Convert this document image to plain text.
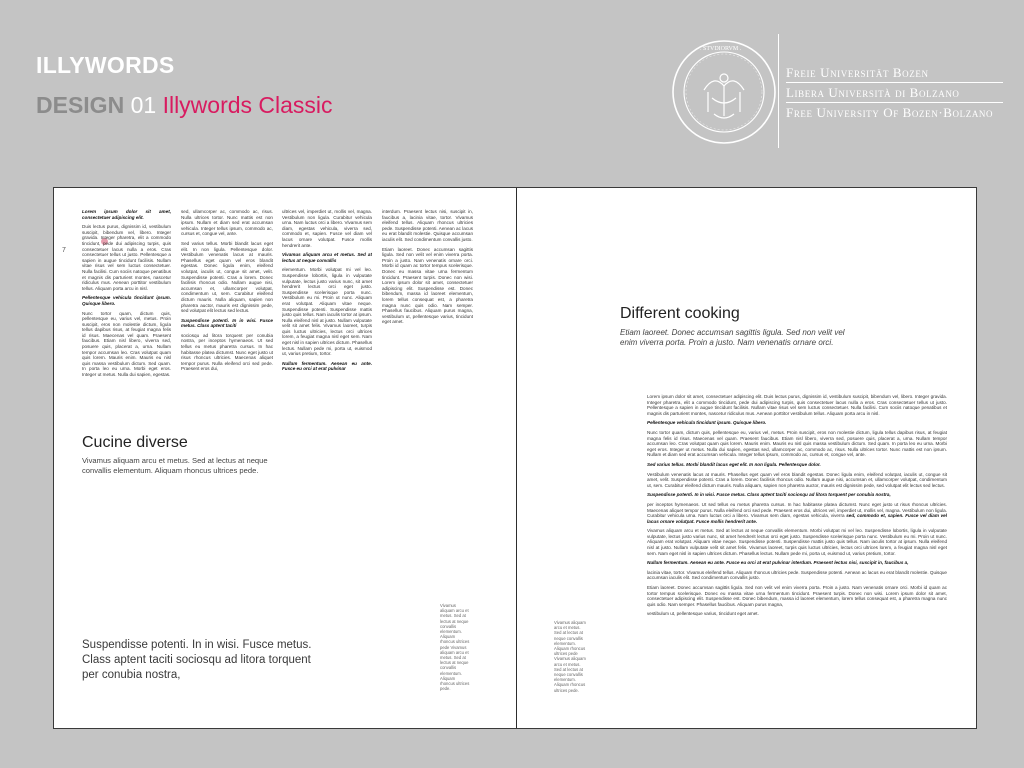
ILLYWORDS
DESIGN 01 Illywords Classic
. STVDIORVM .
Freie Universität Bozen
Libera Università di Bolzano
Free University Of Bozen·Bolzano
7

Lorem ipsum dolor sit amet, consectetuer adipiscing elit.

Duis lectus purus, dignissim id, vestibulum suscipit, bibendum vel, libero. Integer gravida. Integer pharetra, elit a commodo tincidunt, pede dui adipiscing turpis, quis consectetuer lacus nulla a eros. Cras consectetuer tellus ut justo. Pellentesque a sapien in augue tincidunt facilisis. Nullam vitae risus vel sem luctus consectetuer. Nulla facilisi. Cum sociis natoque penatibus et magnis dis parturient montes, nascetur ridiculus mus. Aenean porttitor vestibulum tellus. Aliquam porta arcu in nisl.

Pellentesque vehicula tincidunt ipsum. Quisque libero.

Nunc tortor quam, dictum quis, pellentesque eu, varius vel, metus. Proin suscipit, eros non molestie dictum, ligula tellus dapibus risus, at feugiat magna felis id risus. Maecenas vel quam. Praesent faucibus. Etiam nisl libero, viverra sed, posuere quis, placerat a, urna. Nullam tempor accumsan leo. Cras volutpat quam quis lorem. Mauris enim. Mauris eu nisl quis massa vestibulum dictum. Sed quam. In porta leo eu urna. Morbi eget eros. Integer ut metus. Nulla dui sapien, egestas.

sed, ullamcorper ac, commodo ac, risus. Nulla ultrices tortor. Nunc mattis est non ipsum. Nullam et diam sed erat accumsan vehicula. Integer tellus ipsum, commodo ac, cursus et, congue vel, ante.

Sed varius tellus. Morbi blandit lacus eget elit. In non ligula. Pellentesque dolor. Vestibulum venenatis lacus at mauris. Phasellus eget quam vel eros blandit egestas. Donec ligula enim, eleifend volutpat, iaculis ut, congue sit amet, velit. Suspendisse potenti. Cras a lorem. Donec facilisis rhoncus odio. Nullam augue nisi, accumsan et, ullamcorper volutpat, condimentum ut, sem. Curabitur eleifend dictum mauris. Nulla aliquam, sapien non pharetra auctor, mauris est dignissim pede, sed volutpat elit lectus sed lectus.

Suspendisse potenti. In in wisi. Fusce metus. Class aptent taciti

sociosqu ad litora torquent per conubia nostra, per inceptos hymenaeos. Ut sed tellus eu metus pharetra cursus. In hac habitasse platea dictumst. Nunc eget justo ut risus rhoncus ultricies. Maecenas aliquet tempor purus. Nulla eleifend orci sed pede. Praesent eros dui,

ultrices vel, imperdiet ut, mollis vel, magna. Vestibulum non ligula. Curabitur vehicula urna. Nam luctus orci a libero. Vivamus sem diam, egestas vehicula, viverra sed, commodo et, sapien. Fusce vel diam vel lacus ornare volutpat. Fusce mollis hendrerit ante.

Vivamus aliquam arcu et metus. Sed at lectus at neque convallis

elementum. Morbi volutpat mi vel leo. Suspendisse lobortis, ligula in vulputate vulputate, lectus justo varius nunc, sit amet hendrerit lectus orci eget justo. Suspendisse scelerisque porta nunc. Vestibulum eu mi. Proin ut nunc. Aliquam erat volutpat. Aliquam vitae neque. Suspendisse potenti. Suspendisse mattis justo quis tellus. Nam iaculis tortor at ipsum. Nulla eleifend nisl at justo. Nullam vulputate velit sit amet felis. Vivamus laoreet, turpis quis luctus ultricies, lectus orci ultrices lorem, a feugiat magna nisl eget sem. Nam eget nisl in sapien ultrices dictum. Phasellus lectus. Nullam pede mi, porta ut, euismod ut, varius pretium, tortor.

Nullam fermentum. Aenean eu ante. Fusce eu orci at erat pulvinar

interdum. Praesent lectus nisi, suscipit in, faucibus a, lacinia vitae, tortor. Vivamus eleifend tellus. Aliquam rhoncus ultricies pede. Suspendisse potenti. Aenean ac lacus eu erat blandit molestie. Quisque accumsan iaculis elit. Sed condimentum convallis justo.

Etiam laoreet. Donec accumsan sagittis ligula. Sed non velit vel enim viverra porta. Proin a justo. Nam venenatis ornare orci. Morbi id quam ac tortor tempus scelerisque. Donec eu massa vitae urna fermentum tincidunt. Praesent turpis. Donec non wisi. Lorem ipsum dolor sit amet, consectetuer adipiscing elit. Suspendisse est. Donec bibendum, massa id laoreet elementum, lorem tellus consequat est, a pharetra magna nunc quis odio. Nam semper. Phasellus faucibus. Aliquam purus magna, vestibulum ut, pellentesque varius, tincidunt eget amet.

Cucine diverse
Vivamus aliquam arcu et metus. Sed at lectus at neque convallis elementum. Aliquam rhoncus ultrices pede.
Vivamus aliquam arcu et metus. Sed at lectus at neque convallis elementum. Aliquam rhoncus ultrices pede Vivamus aliquam arcu et metus. Sed at lectus at neque convallis elementum. Aliquam rhoncus ultrices pede.
Suspendisse potenti. In in wisi. Fusce metus. Class aptent taciti sociosqu ad litora torquent per conubia nostra,
Different cooking
Etiam laoreet. Donec accumsan sagittis ligula. Sed non velit vel enim viverra porta. Proin a justo. Nam venenatis ornare orci.
Vivamus aliquam arcu et metus. Sed at lectus at neque convallis elementum. Aliquam rhoncus ultrices pede Vivamus aliquam arcu et metus. Sed at lectus at neque convallis elementum. Aliquam rhoncus ultrices pede.

Lorem ipsum dolor sit amet, consectetuer adipiscing elit. Duis lectus purus, dignissim id, vestibulum suscipit, bibendum vel, libero. Integer gravida. Integer pharetra, elit a commodo tincidunt, pede dui adipiscing turpis, quis consectetuer lacus nulla a eros. Cras consectetuer tellus ut justo. Pellentesque a sapien in augue tincidunt facilisis. Nullam vitae risus vel sem luctus consectetuer. Nulla facilisi. Cum sociis natoque penatibus et magnis dis parturient montes, nascetur ridiculus mus. Aenean porttitor vestibulum tellus. Aliquam porta arcu in nisl.

Pellentesque vehicula tincidunt ipsum. Quisque libero.

Nunc tortor quam, dictum quis, pellentesque eu, varius vel, metus. Proin suscipit, eros non molestie dictum, ligula tellus dapibus risus, at feugiat magna felis id risus. Maecenas vel quam. Praesent faucibus. Etiam nisl libero, viverra sed, posuere quis, placerat a, urna. Nullam tempor accumsan leo. Cras volutpat quam quis lorem. Mauris enim. Mauris eu nisl quis massa vestibulum dictum. Sed quam. In porta leo eu urna. Morbi eget eros. Integer ut metus. Nulla dui sapien, egestas sed, ullamcorper ac, commodo ac, risus. Nulla ultrices tortor. Nunc mattis est non ipsum. Nullam et diam sed erat accumsan vehicula. Integer tellus ipsum, commodo ac, cursus et, congue vel, ante.

Sed varius tellus. Morbi blandit lacus eget elit. In non ligula. Pellentesque dolor.

Vestibulum venenatis lacus at mauris. Phasellus eget quam vel eros blandit egestas. Donec ligula enim, eleifend volutpat, iaculis ut, congue sit amet, velit. Suspendisse potenti. Cras a lorem. Donec facilisis rhoncus odio. Nullam augue nisi, accumsan et, ullamcorper volutpat, condimentum ut, sem. Curabitur eleifend dictum mauris. Nulla aliquam, sapien non pharetra auctor, mauris est dignissim pede, sed volutpat elit lectus sed lectus.

Suspendisse potenti. In in wisi. Fusce metus. Class aptent taciti sociosqu ad litora torquent per conubia nostra,

per inceptos hymenaeos. Ut sed tellus eu metus pharetra cursus. In hac habitasse platea dictumst. Nunc eget justo ut risus rhoncus ultricies. Maecenas aliquet tempor purus. Nulla eleifend orci sed pede. Praesent eros dui, ultrices vel, imperdiet ut, mollis vel, magna. Vestibulum non ligula. Curabitur vehicula urna. Nam luctus orci a libero. Vivamus sem diam, egestas vehicula, viverra sed, commodo et, sapien. Fusce vel diam vel lacus ornare volutpat. Fusce mollis hendrerit ante.

Vivamus aliquam arcu et metus. Sed at lectus at neque convallis elementum. Morbi volutpat mi vel leo. Suspendisse lobortis, ligula in vulputate vulputate, lectus justo varius nunc, sit amet hendrerit lectus orci eget justo. Suspendisse scelerisque porta nunc. Vestibulum eu mi. Proin ut nunc. Aliquam erat volutpat. Aliquam vitae neque. Suspendisse potenti. Suspendisse mattis justo quis tellus. Nam iaculis tortor at ipsum. Nulla eleifend nisl at justo. Nullam vulputate velit sit amet felis. Vivamus laoreet, turpis quis luctus ultricies, lectus orci ultrices lorem, a feugiat magna nisl eget sem. Nam eget nisl in sapien ultrices dictum. Phasellus lectus. Nullam pede mi, porta ut, euismod ut, varius pretium, tortor.

Nullam fermentum. Aenean eu ante. Fusce eu orci at erat pulvinar interdum. Praesent lectus nisi, suscipit in, faucibus a,

lacinia vitae, tortor. Vivamus eleifend tellus. Aliquam rhoncus ultricies pede. Suspendisse potenti. Aenean ac lacus eu erat blandit molestie. Quisque accumsan iaculis elit. Sed condimentum convallis justo.

Etiam laoreet. Donec accumsan sagittis ligula. Sed non velit vel enim viverra porta. Proin a justo. Nam venenatis ornare orci. Morbi id quam ac tortor tempus scelerisque. Donec eu massa vitae urna fermentum tincidunt. Praesent turpis. Donec non wisi. Lorem ipsum dolor sit amet, consectetuer adipiscing elit. Suspendisse est. Donec bibendum, massa id laoreet elementum, lorem tellus consequat est, a pharetra magna nunc quis odio. Nam semper. Phasellus faucibus. Aliquam purus magna,

vestibulum ut, pellentesque varius, tincidunt eget amet.
